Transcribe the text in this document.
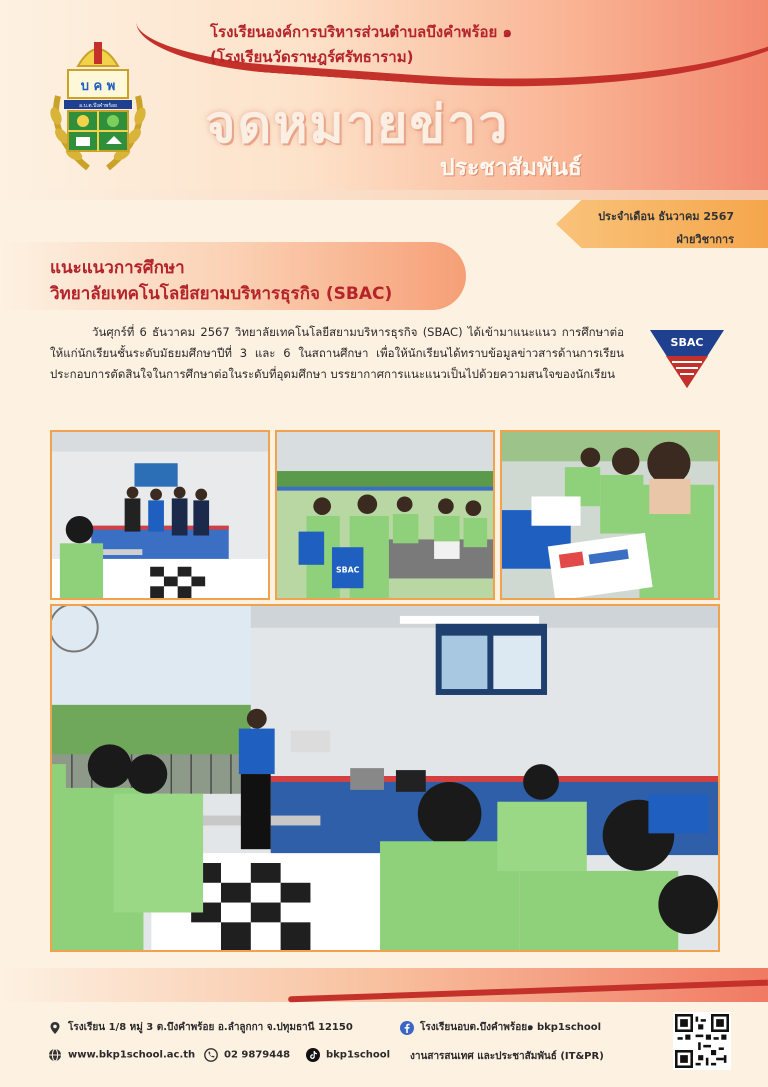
บ ค พ
อ.บ.ต.บึงคำพร้อย
โรงเรียนองค์การบริหารส่วนตำบลบึงคำพร้อย ๑
(โรงเรียนวัดราษฎร์ศรัทธาราม)
จดหมายข่าว
ประชาสัมพันธ์
ประจำเดือน ธันวาคม 2567
ฝ่ายวิชาการ
แนะแนวการศึกษา
วิทยาลัยเทคโนโลยีสยามบริหารธุรกิจ (SBAC)
วันศุกร์ที่ 6 ธันวาคม 2567 วิทยาลัยเทคโนโลยีสยามบริหารธุรกิจ (SBAC) ได้เข้ามาแนะแนว การศึกษาต่อให้แก่นักเรียนชั้นระดับมัธยมศึกษาปีที่ 3 และ 6 ในสถานศึกษา เพื่อให้นักเรียนได้ทราบข้อมูลข่าวสารด้านการเรียนประกอบการตัดสินใจในการศึกษาต่อในระดับที่อุดมศึกษา บรรยากาศการแนะแนวเป็นไปด้วยความสนใจของนักเรียน
SBAC
SBAC
โรงเรียน 1/8 หมู่ 3 ต.บึงคำพร้อย อ.ลำลูกกา จ.ปทุมธานี 12150	โรงเรียนอบต.บึงคำพร้อย๑ bkp1school
www.bkp1school.ac.th	02 9879448	bkp1school งานสารสนเทศ และประชาสัมพันธ์ (IT&PR)
